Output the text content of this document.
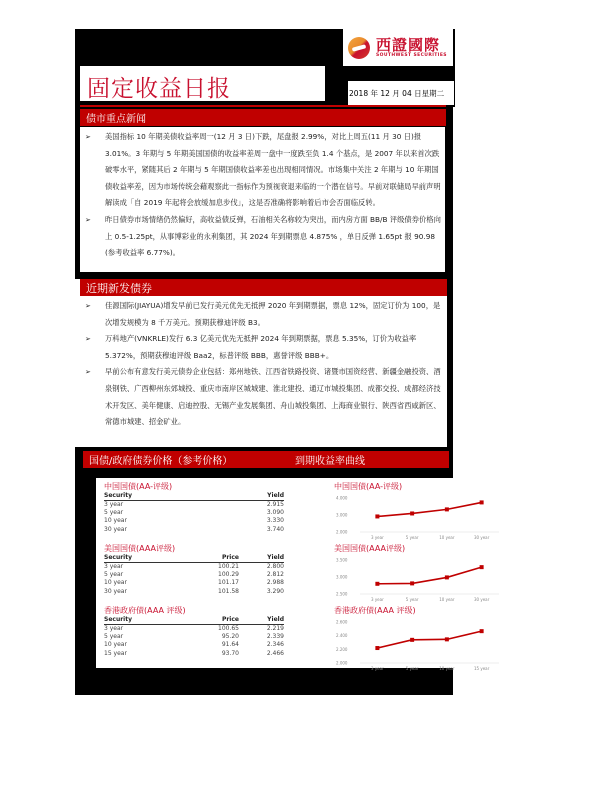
西證國際
SOUTHWEST SECURITIES
固定收益日报	2018 年 12 月 04 日星期二
债市重点新闻
➢ 美国指标 10 年期美债收益率周一(12 月 3 日)下跌，尾盘报 2.99%，对比上周五(11 月 30 日)报 3.01%。3 年期与 5 年期美国国债的收益率差周一盘中一度跌至负 1.4 个基点，是 2007 年以来首次跌破零水平，紧随其后 2 年期与 5 年期国债收益率差也出现相同情况。市场集中关注 2 年期与 10 年期国债收益率差，因为市场传统会藉观察此一指标作为预视衰退来临的一个潜在信号。早前对联储局早前声明解读成「自 2019 年起将会放缓加息步伐」，这是否准确将影响着后市会否面临反转。
➢ 昨日债券市场情绪仍然偏好，高收益债反弹，石油相关名称较为突出，而内房方面 BB/B 评级债券价格向上 0.5-1.25pt，从事博彩业的永利集团，其 2024 年到期票息 4.875% ，单日反弹 1.65pt 报 90.98 (参考收益率 6.77%)。
近期新发债券
➢ 佳源国际(JIAYUA)增发早前已发行美元优先无抵押 2020 年到期票据，票息 12%，固定订价为 100，是次增发规模为 8 千万美元。预期获穆迪评级 B3。
➢ 万科地产(VNKRLE)发行 6.3 亿美元优先无抵押 2024 年到期票据，票息 5.35%，订价为收益率 5.372%，预期获穆迪评级 Baa2，标普评级 BBB，惠誉评级 BBB+。
➢ 早前公布有意发行美元债券企业包括：郑州地铁、江西省铁路投资、诸暨市国资经营、新疆金融投资、酒泉钢铁、广西柳州东郊城投、重庆市南岸区城城建、淮北建投、通辽市城投集团、成都交投、成都经济技术开发区、美年健康、启迪控股、无锡产业发展集团、舟山城投集团、上海商业银行、陕西省西咸新区、常德市城建、招金矿业。
国债/政府债券价格（参考价格）	到期收益率曲线
中国国债(AA-评级)
Security	Yield
3 year	2.915
5 year	3.090
10 year	3.330
30 year	3.740
美国国债(AAA评级)
Security	Price	Yield
3 year	100.21	2.800
5 year	100.29	2.812
10 year	101.17	2.988
30 year	101.58	3.290
香港政府债(AAA 评级)
Security	Price	Yield
3 year	100.65	2.219
5 year	95.20	2.339
10 year	91.64	2.346
15 year	93.70	2.466
中国国债(AA-评级)
2.000
3.000
4.000
3 year	5 year	10 year	30 year
美国国债(AAA评级)
2.500
3.000
3.500
3 year	5 year	10 year	30 year
香港政府债(AAA 评级)
2.000
2.200
2.400
2.600
3 year	5 year	10 year	15 year
